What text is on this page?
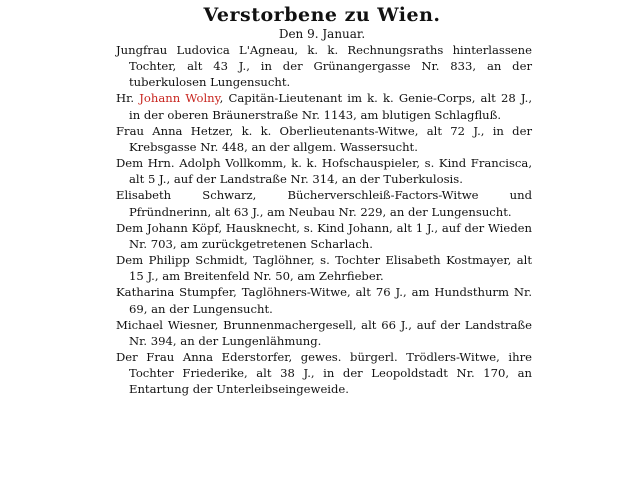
Verstorbene zu Wien.
Den 9. Januar.

Jungfrau Ludovica L'Agneau, k. k. Rechnungsraths hinterlassene Tochter, alt 43 J., in der Grünangergasse Nr. 833, an der tuberkulosen Lungensucht.

Hr. Johann Wolny, Capitän-Lieutenant im k. k. Genie-Corps, alt 28 J., in der oberen Bräunerstraße Nr. 1143, am blutigen Schlagfluß.

Frau Anna Hetzer, k. k. Oberlieutenants-Witwe, alt 72 J., in der Krebsgasse Nr. 448, an der allgem. Wassersucht.

Dem Hrn. Adolph Vollkomm, k. k. Hofschauspieler, s. Kind Francisca, alt 5 J., auf der Landstraße Nr. 314, an der Tuberkulosis.

Elisabeth Schwarz, Bücherverschleiß-Factors-Witwe und Pfründnerinn, alt 63 J., am Neubau Nr. 229, an der Lungensucht.

Dem Johann Köpf, Hausknecht, s. Kind Johann, alt 1 J., auf der Wieden Nr. 703, am zurückgetretenen Scharlach.

Dem Philipp Schmidt, Taglöhner, s. Tochter Elisabeth Kostmayer, alt 15 J., am Breitenfeld Nr. 50, am Zehrfieber.

Katharina Stumpfer, Taglöhners-Witwe, alt 76 J., am Hundsthurm Nr. 69, an der Lungensucht.

Michael Wiesner, Brunnenmachergesell, alt 66 J., auf der Landstraße Nr. 394, an der Lungenlähmung.

Der Frau Anna Ederstorfer, gewes. bürgerl. Trödlers-Witwe, ihre Tochter Friederike, alt 38 J., in der Leopoldstadt Nr. 170, an Entartung der Unterleibseingeweide.
